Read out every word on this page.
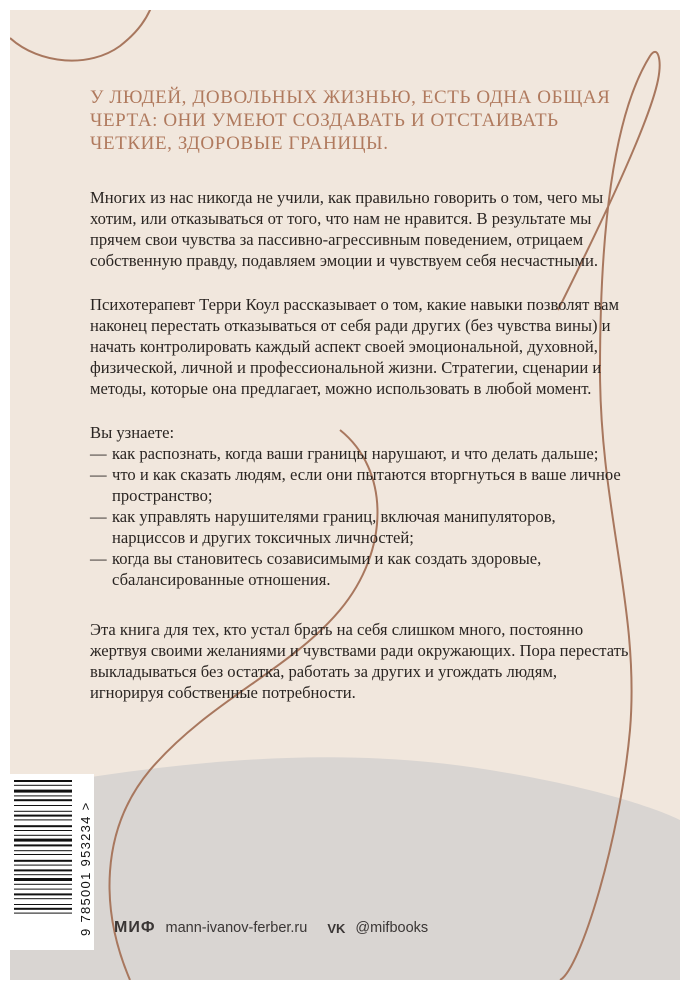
У ЛЮДЕЙ, ДОВОЛЬНЫХ ЖИЗНЬЮ, ЕСТЬ ОДНА ОБЩАЯ ЧЕРТА: ОНИ УМЕЮТ СОЗДАВАТЬ И ОТСТАИВАТЬ ЧЕТКИЕ, ЗДОРОВЫЕ ГРАНИЦЫ.

Многих из нас никогда не учили, как правильно говорить о том, чего мы хотим, или отказываться от того, что нам не нравится. В результате мы прячем свои чувства за пассивно-агрессивным поведением, отрицаем собственную правду, подавляем эмоции и чувствуем себя несчастными.

Психотерапевт Терри Коул рассказывает о том, какие навыки позволят вам наконец перестать отказываться от себя ради других (без чувства вины) и начать контролировать каждый аспект своей эмоциональной, духовной, физической, личной и профессиональной жизни. Стратегии, сценарии и методы, которые она предлагает, можно использовать в любой момент.

Вы узнаете:

— как распознать, когда ваши границы нарушают, и что делать дальше;
— что и как сказать людям, если они пытаются вторгнуться в ваше личное пространство;
— как управлять нарушителями границ, включая манипуляторов, нарциссов и других токсичных личностей;
— когда вы становитесь созависимыми и как создать здоровые, сбалансированные отношения.

Эта книга для тех, кто устал брать на себя слишком много, постоянно жертвуя своими желаниями и чувствами ради окружающих. Пора перестать выкладываться без остатка, работать за других и угождать людям, игнорируя собственные потребности.

9 785001 953234 > МИФ mann-ivanov-ferber.ru VK @mifbooks
